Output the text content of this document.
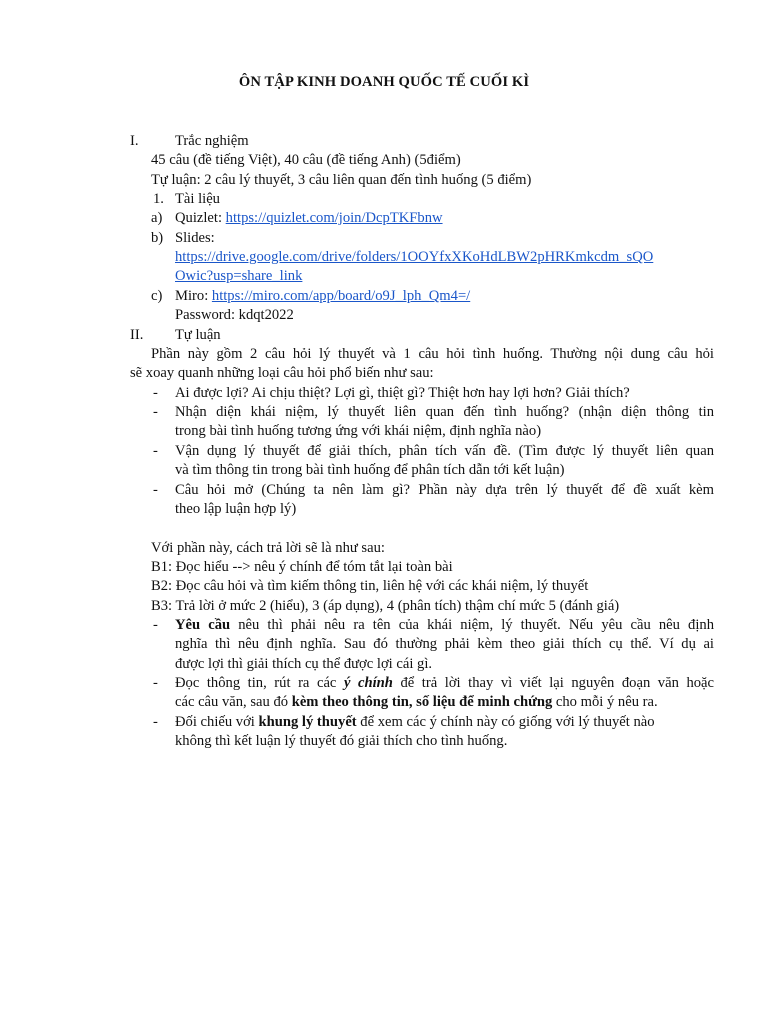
ÔN TẬP KINH DOANH QUỐC TẾ CUỐI KÌ
I. Trắc nghiệm
45 câu (đề tiếng Việt), 40 câu (đề tiếng Anh) (5điểm)
Tự luận: 2 câu lý thuyết, 3 câu liên quan đến tình huống (5 điểm)
1. Tài liệu
a) Quizlet: https://quizlet.com/join/DcpTKFbnw
b) Slides:
https://drive.google.com/drive/folders/1OOYfxXKoHdLBW2pHRKmkcdm_sQO
Owic?usp=share_link
c) Miro: https://miro.com/app/board/o9J_lph_Qm4=/
Password: kdqt2022
II. Tự luận
Phần này gồm 2 câu hỏi lý thuyết và 1 câu hỏi tình huống. Thường nội dung câu hỏi
sẽ xoay quanh những loại câu hỏi phổ biến như sau:
- Ai được lợi? Ai chịu thiệt? Lợi gì, thiệt gì? Thiệt hơn hay lợi hơn? Giải thích?
- Nhận diện khái niệm, lý thuyết liên quan đến tình huống? (nhận diện thông tin
trong bài tình huống tương ứng với khái niệm, định nghĩa nào)
- Vận dụng lý thuyết để giải thích, phân tích vấn đề. (Tìm được lý thuyết liên quan
và tìm thông tin trong bài tình huống để phân tích dẫn tới kết luận)
- Câu hỏi mở (Chúng ta nên làm gì? Phần này dựa trên lý thuyết để đề xuất kèm
theo lập luận hợp lý)
Với phần này, cách trả lời sẽ là như sau:
B1: Đọc hiểu --> nêu ý chính để tóm tắt lại toàn bài
B2: Đọc câu hỏi và tìm kiếm thông tin, liên hệ với các khái niệm, lý thuyết
B3: Trả lời ở mức 2 (hiểu), 3 (áp dụng), 4 (phân tích) thậm chí mức 5 (đánh giá)
- Yêu cầu nêu thì phải nêu ra tên của khái niệm, lý thuyết. Nếu yêu cầu nêu định
nghĩa thì nêu định nghĩa. Sau đó thường phải kèm theo giải thích cụ thể. Ví dụ ai
được lợi thì giải thích cụ thể được lợi cái gì.
- Đọc thông tin, rút ra các ý chính để trả lời thay vì viết lại nguyên đoạn văn hoặc
các câu văn, sau đó kèm theo thông tin, số liệu để minh chứng cho mỗi ý nêu ra.
- Đối chiếu với khung lý thuyết để xem các ý chính này có giống với lý thuyết nào
không thì kết luận lý thuyết đó giải thích cho tình huống.
